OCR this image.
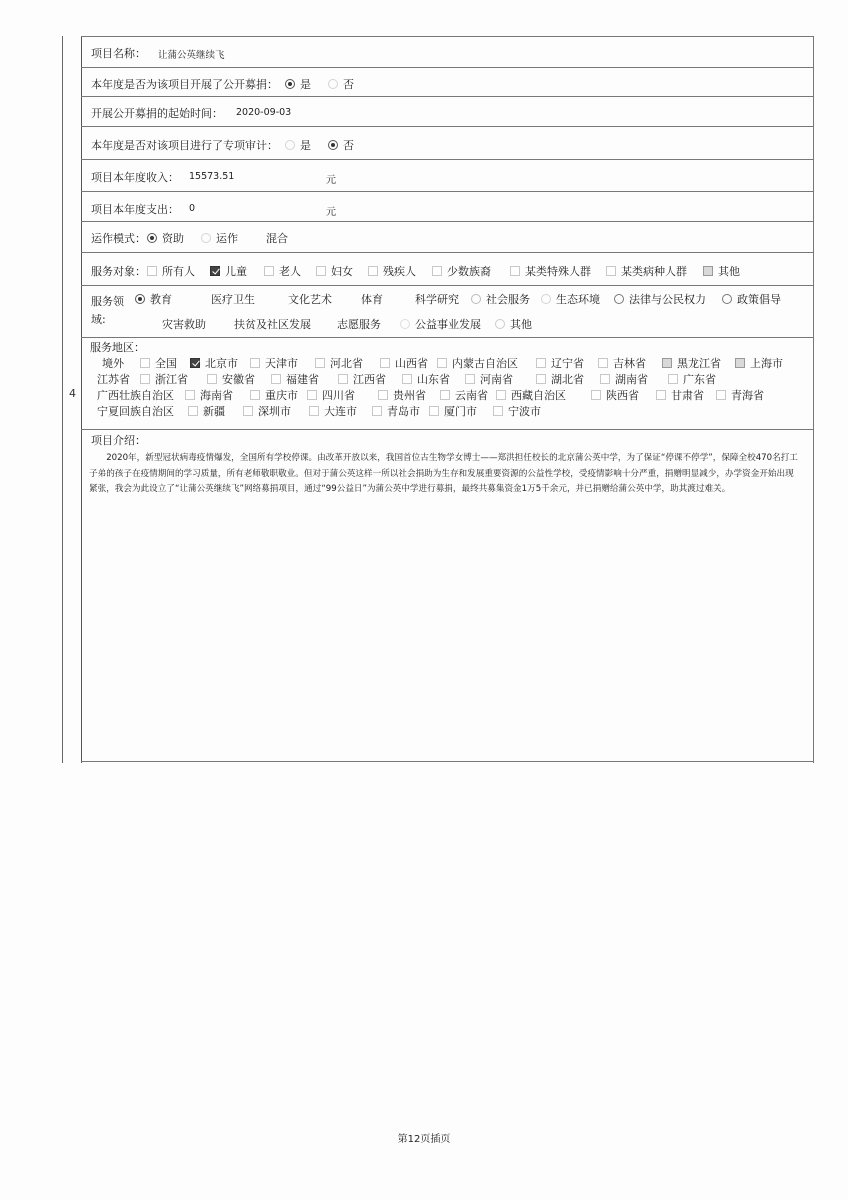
4
项目名称： 让蒲公英继续飞
本年度是否为该项目开展了公开募捐： 是	否
开展公开募捐的起始时间： 2020-09-03
本年度是否对该项目进行了专项审计： 是	否
项目本年度收入： 15573.51	元
项目本年度支出： 0	元
运作模式： 资助	运作	混合
服务对象： 所有人	儿童	老人	妇女	残疾人	少数族裔	某类特殊人群	某类病种人群	其他
服务领
域:
教育	医疗卫生	文化艺术	体育	科学研究 社会服务 生态环境	法律与公民权力	政策倡导
灾害救助	扶贫及社区发展 志愿服务	公益事业发展	其他
服务地区：
境外	全国	北京市 天津市	河北省	山西省 内蒙古自治区	辽宁省	吉林省	黑龙江省	上海市
江苏省 浙江省	安徽省	福建省	江西省	山东省	河南省	湖北省	湖南省	广东省
广西壮族自治区 海南省	重庆市 四川省	贵州省	云南省 西藏自治区	陕西省	甘肃省 青海省
宁夏回族自治区	新疆	深圳市	大连市	青岛市 厦门市	宁波市
项目介绍：

2020年，新型冠状病毒疫情爆发，全国所有学校停课。由改革开放以来，我国首位古生物学女博士——郑洪担任校长的北京蒲公英中学，为了保证“停课不停学”，保障全校470名打工子弟的孩子在疫情期间的学习质量，所有老师敬职敬业。但对于蒲公英这样一所以社会捐助为生存和发展重要资源的公益性学校，受疫情影响十分严重，捐赠明显减少，办学资金开始出现紧张，我会为此设立了“让蒲公英继续飞”网络募捐项目，通过“99公益日”为蒲公英中学进行募捐，最终共募集资金1万5千余元，并已捐赠给蒲公英中学，助其渡过难关。

第12页插页
